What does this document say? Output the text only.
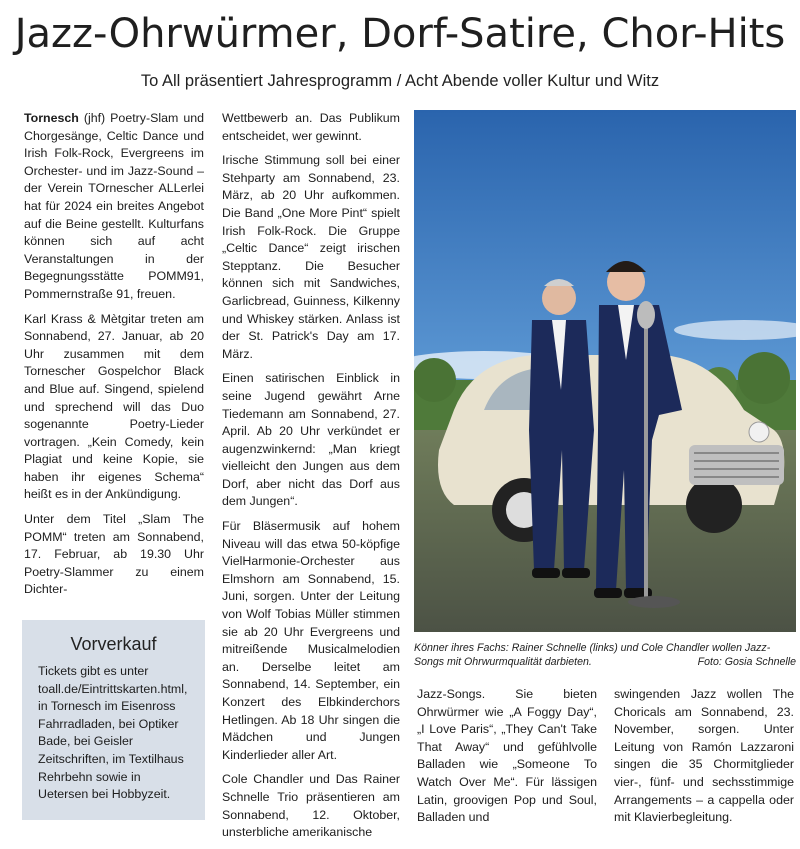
Jazz-Ohrwürmer, Dorf-Satire, Chor-Hits
To All präsentiert Jahresprogramm / Acht Abende voller Kultur und Witz

Tornesch (jhf) Poetry-Slam und Chorgesänge, Celtic Dance und Irish Folk-Rock, Evergreens im Orchester- und im Jazz-Sound – der Verein TOrnescher ALLerlei hat für 2024 ein breites Angebot auf die Beine gestellt. Kulturfans können sich auf acht Veranstaltungen in der Begegnungsstätte POMM91, Pommernstraße 91, freuen.

Karl Krass & Mètgitar treten am Sonnabend, 27. Januar, ab 20 Uhr zusammen mit dem Tornescher Gospelchor Black and Blue auf. Singend, spielend und sprechend will das Duo sogenannte Poetry-Lieder vortragen. „Kein Comedy, kein Plagiat und keine Kopie, sie haben ihr eigenes Schema“ heißt es in der Ankündigung.

Unter dem Titel „Slam The POMM“ treten am Sonnabend, 17. Februar, ab 19.30 Uhr Poetry-Slammer zu einem Dichter-

Wettbewerb an. Das Publikum entscheidet, wer gewinnt.

Irische Stimmung soll bei einer Stehparty am Sonnabend, 23. März, ab 20 Uhr aufkommen. Die Band „One More Pint“ spielt Irish Folk-Rock. Die Gruppe „Celtic Dance“ zeigt irischen Stepptanz. Die Besucher können sich mit Sandwiches, Garlicbread, Guinness, Kilkenny und Whiskey stärken. Anlass ist der St. Patrick's Day am 17. März.

Einen satirischen Einblick in seine Jugend gewährt Arne Tiedemann am Sonnabend, 27. April. Ab 20 Uhr verkündet er augenzwinkernd: „Man kriegt vielleicht den Jungen aus dem Dorf, aber nicht das Dorf aus dem Jungen“.

Für Bläsermusik auf hohem Niveau will das etwa 50-köpfige VielHarmonie-Orchester aus Elmshorn am Sonnabend, 15. Juni, sorgen. Unter der Leitung von Wolf Tobias Müller stimmen sie ab 20 Uhr Evergreens und mitreißende Musicalmelodien an. Derselbe leitet am Sonnabend, 14. September, ein Konzert des Elbkinderchors Hetlingen. Ab 18 Uhr singen die Mädchen und Jungen Kinderlieder aller Art.

Cole Chandler und Das Rainer Schnelle Trio präsentieren am Sonnabend, 12. Oktober, unsterbliche amerikanische

Vorverkauf
Tickets gibt es unter toall.de/Eintrittskarten.html, in Tornesch im Eisenross Fahrradladen, bei Optiker Bade, bei Geisler Zeitschriften, im Textilhaus Rehrbehn sowie in Uetersen bei Hobbyzeit.
Könner ihres Fachs: Rainer Schnelle (links) und Cole Chandler wollen Jazz-Songs mit Ohrwurmqualität darbieten.	Foto: Gosia Schnelle

Jazz-Songs. Sie bieten Ohrwürmer wie „A Foggy Day“, „I Love Paris“, „They Can't Take That Away“ und gefühlvolle Balladen wie „Someone To Watch Over Me“. Für lässigen Latin, groovigen Pop und Soul, Balladen und

swingenden Jazz wollen The Choricals am Sonnabend, 23. November, sorgen. Unter Leitung von Ramón Lazzaroni singen die 35 Chormitglieder vier-, fünf- und sechsstimmige Arrangements – a cappella oder mit Klavierbegleitung.
